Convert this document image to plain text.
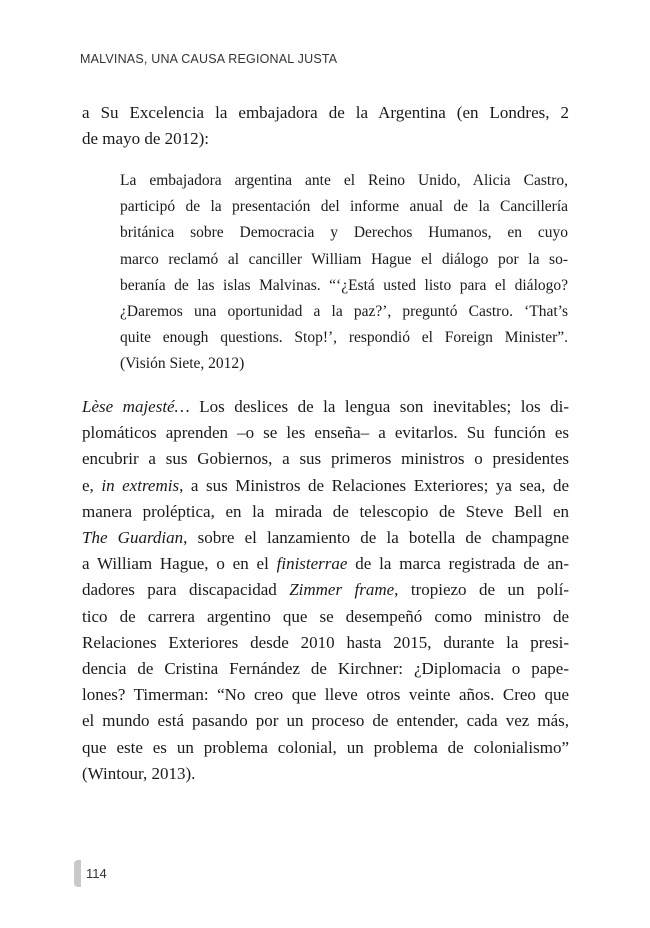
MALVINAS, UNA CAUSA REGIONAL JUSTA

a Su Excelencia la embajadora de la Argentina (en Londres, 2
de mayo de 2012):

La embajadora argentina ante el Reino Unido, Alicia Castro,
participó de la presentación del informe anual de la Cancillería
británica sobre Democracia y Derechos Humanos, en cuyo
marco reclamó al canciller William Hague el diálogo por la so-
beranía de las islas Malvinas. “‘¿Está usted listo para el diálogo?
¿Daremos una oportunidad a la paz?’, preguntó Castro. ‘That’s
quite enough questions. Stop!’, respondió el Foreign Minister”.
(Visión Siete, 2012)

Lèse majesté… Los deslices de la lengua son inevitables; los di-
plomáticos aprenden –o se les enseña– a evitarlos. Su función es
encubrir a sus Gobiernos, a sus primeros ministros o presidentes
e, in extremis, a sus Ministros de Relaciones Exteriores; ya sea, de
manera proléptica, en la mirada de telescopio de Steve Bell en
The Guardian, sobre el lanzamiento de la botella de champagne
a William Hague, o en el finisterrae de la marca registrada de an-
dadores para discapacidad Zimmer frame, tropiezo de un polí-
tico de carrera argentino que se desempeñó como ministro de
Relaciones Exteriores desde 2010 hasta 2015, durante la presi-
dencia de Cristina Fernández de Kirchner: ¿Diplomacia o pape-
lones? Timerman: “No creo que lleve otros veinte años. Creo que
el mundo está pasando por un proceso de entender, cada vez más,
que este es un problema colonial, un problema de colonialismo”
(Wintour, 2013).

114
